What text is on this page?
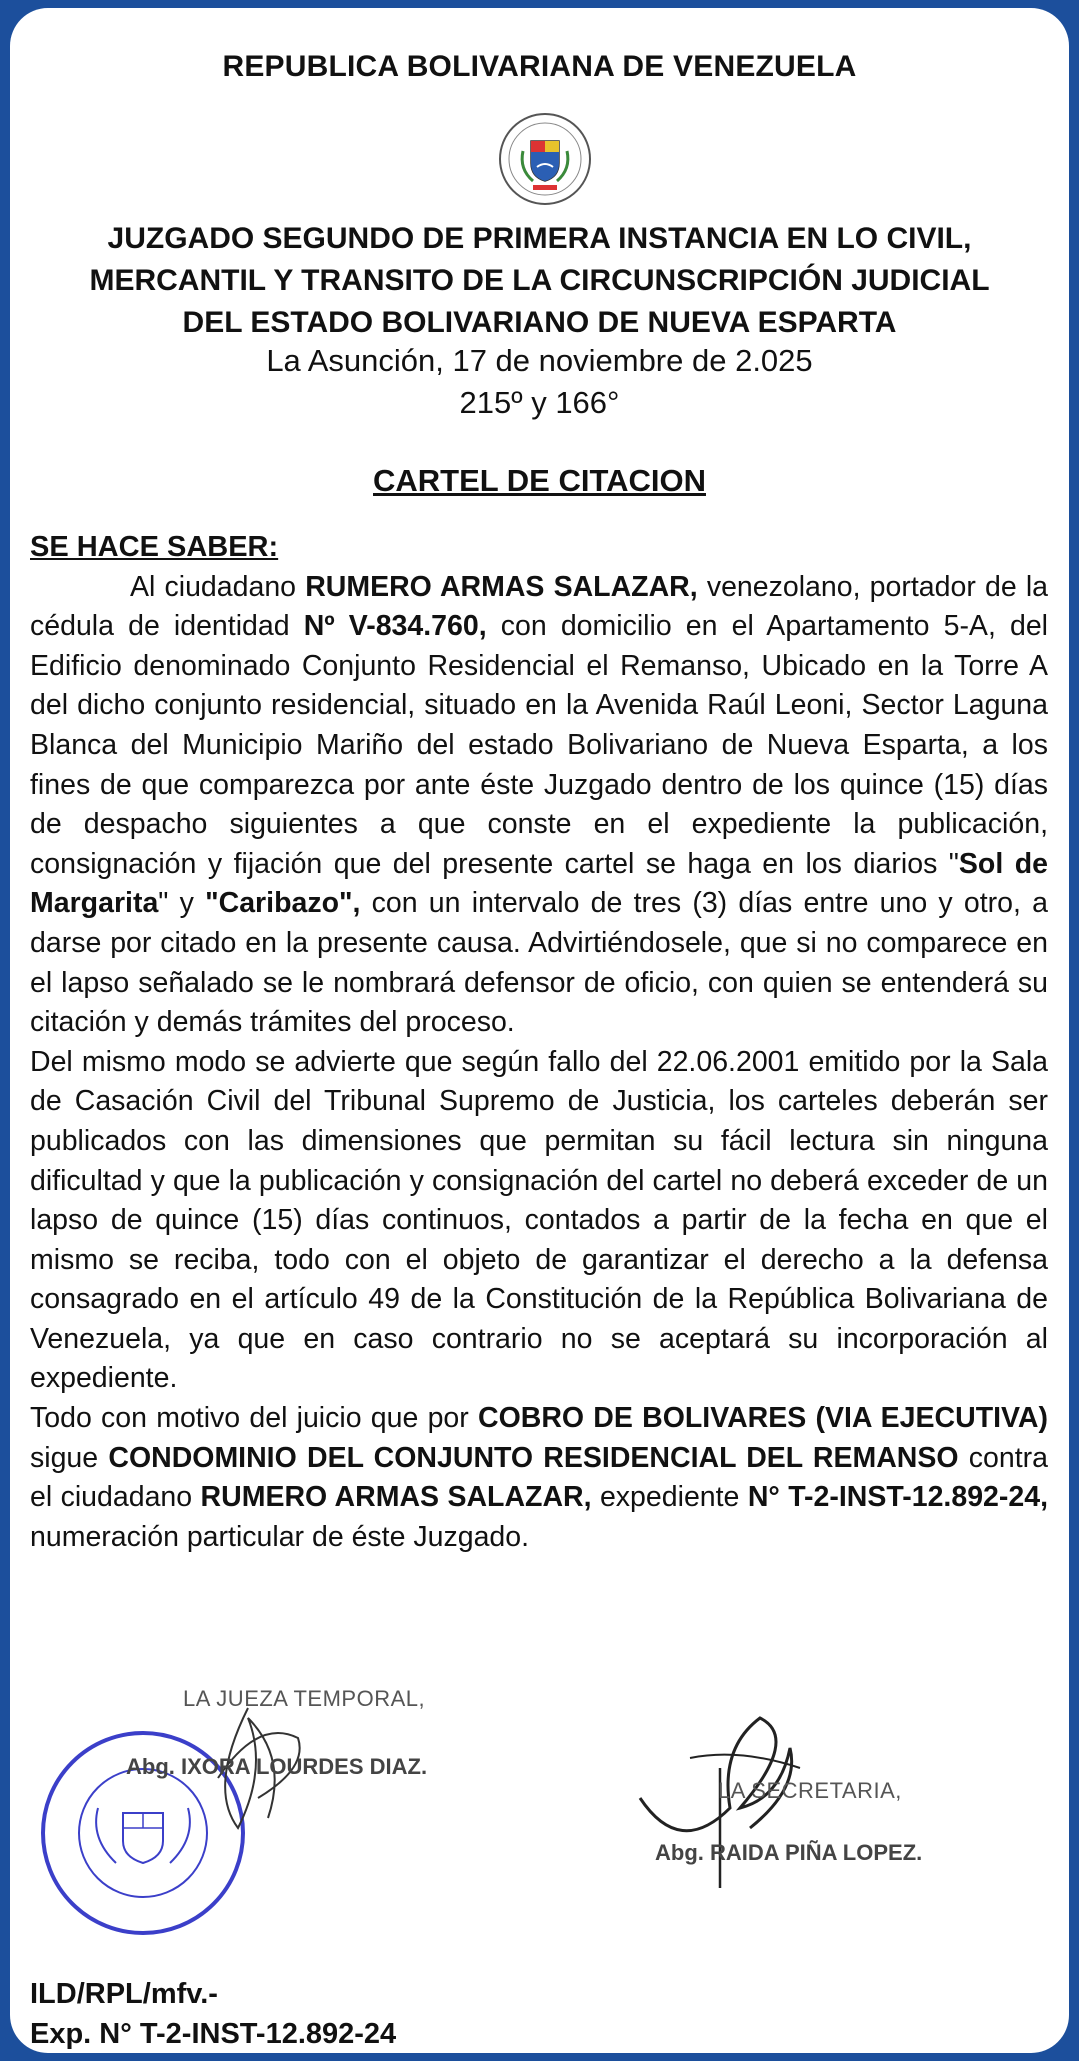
REPUBLICA BOLIVARIANA DE VENEZUELA
JUZGADO SEGUNDO DE PRIMERA INSTANCIA EN LO CIVIL,
MERCANTIL Y TRANSITO DE LA CIRCUNSCRIPCIÓN JUDICIAL
DEL ESTADO BOLIVARIANO DE NUEVA ESPARTA
La Asunción, 17 de noviembre de 2.025
215º y 166°
CARTEL DE CITACION

SE HACE SABER:

Al ciudadano RUMERO ARMAS SALAZAR, venezolano, portador de la cédula de identidad Nº V-834.760, con domicilio en el Apartamento 5-A, del Edificio denominado Conjunto Residencial el Remanso, Ubicado en la Torre A del dicho conjunto residencial, situado en la Avenida Raúl Leoni, Sector Laguna Blanca del Municipio Mariño del estado Bolivariano de Nueva Esparta, a los fines de que comparezca por ante éste Juzgado dentro de los quince (15) días de despacho siguientes a que conste en el expediente la publicación, consignación y fijación que del presente cartel se haga en los diarios "Sol de Margarita" y "Caribazo", con un intervalo de tres (3) días entre uno y otro, a darse por citado en la presente causa. Advirtiéndosele, que si no comparece en el lapso señalado se le nombrará defensor de oficio, con quien se entenderá su citación y demás trámites del proceso.

Del mismo modo se advierte que según fallo del 22.06.2001 emitido por la Sala de Casación Civil del Tribunal Supremo de Justicia, los carteles deberán ser publicados con las dimensiones que permitan su fácil lectura sin ninguna dificultad y que la publicación y consignación del cartel no deberá exceder de un lapso de quince (15) días continuos, contados a partir de la fecha en que el mismo se reciba, todo con el objeto de garantizar el derecho a la defensa consagrado en el artículo 49 de la Constitución de la República Bolivariana de Venezuela, ya que en caso contrario no se aceptará su incorporación al expediente.

Todo con motivo del juicio que por COBRO DE BOLIVARES (VIA EJECUTIVA) sigue CONDOMINIO DEL CONJUNTO RESIDENCIAL DEL REMANSO contra el ciudadano RUMERO ARMAS SALAZAR, expediente N° T-2-INST-12.892-24, numeración particular de éste Juzgado.

LA JUEZA TEMPORAL,
Abg. IXORA LOURDES DIAZ.
LA SECRETARIA,
Abg. RAIDA PIÑA LOPEZ.
ILD/RPL/mfv.-
Exp. N° T-2-INST-12.892-24
